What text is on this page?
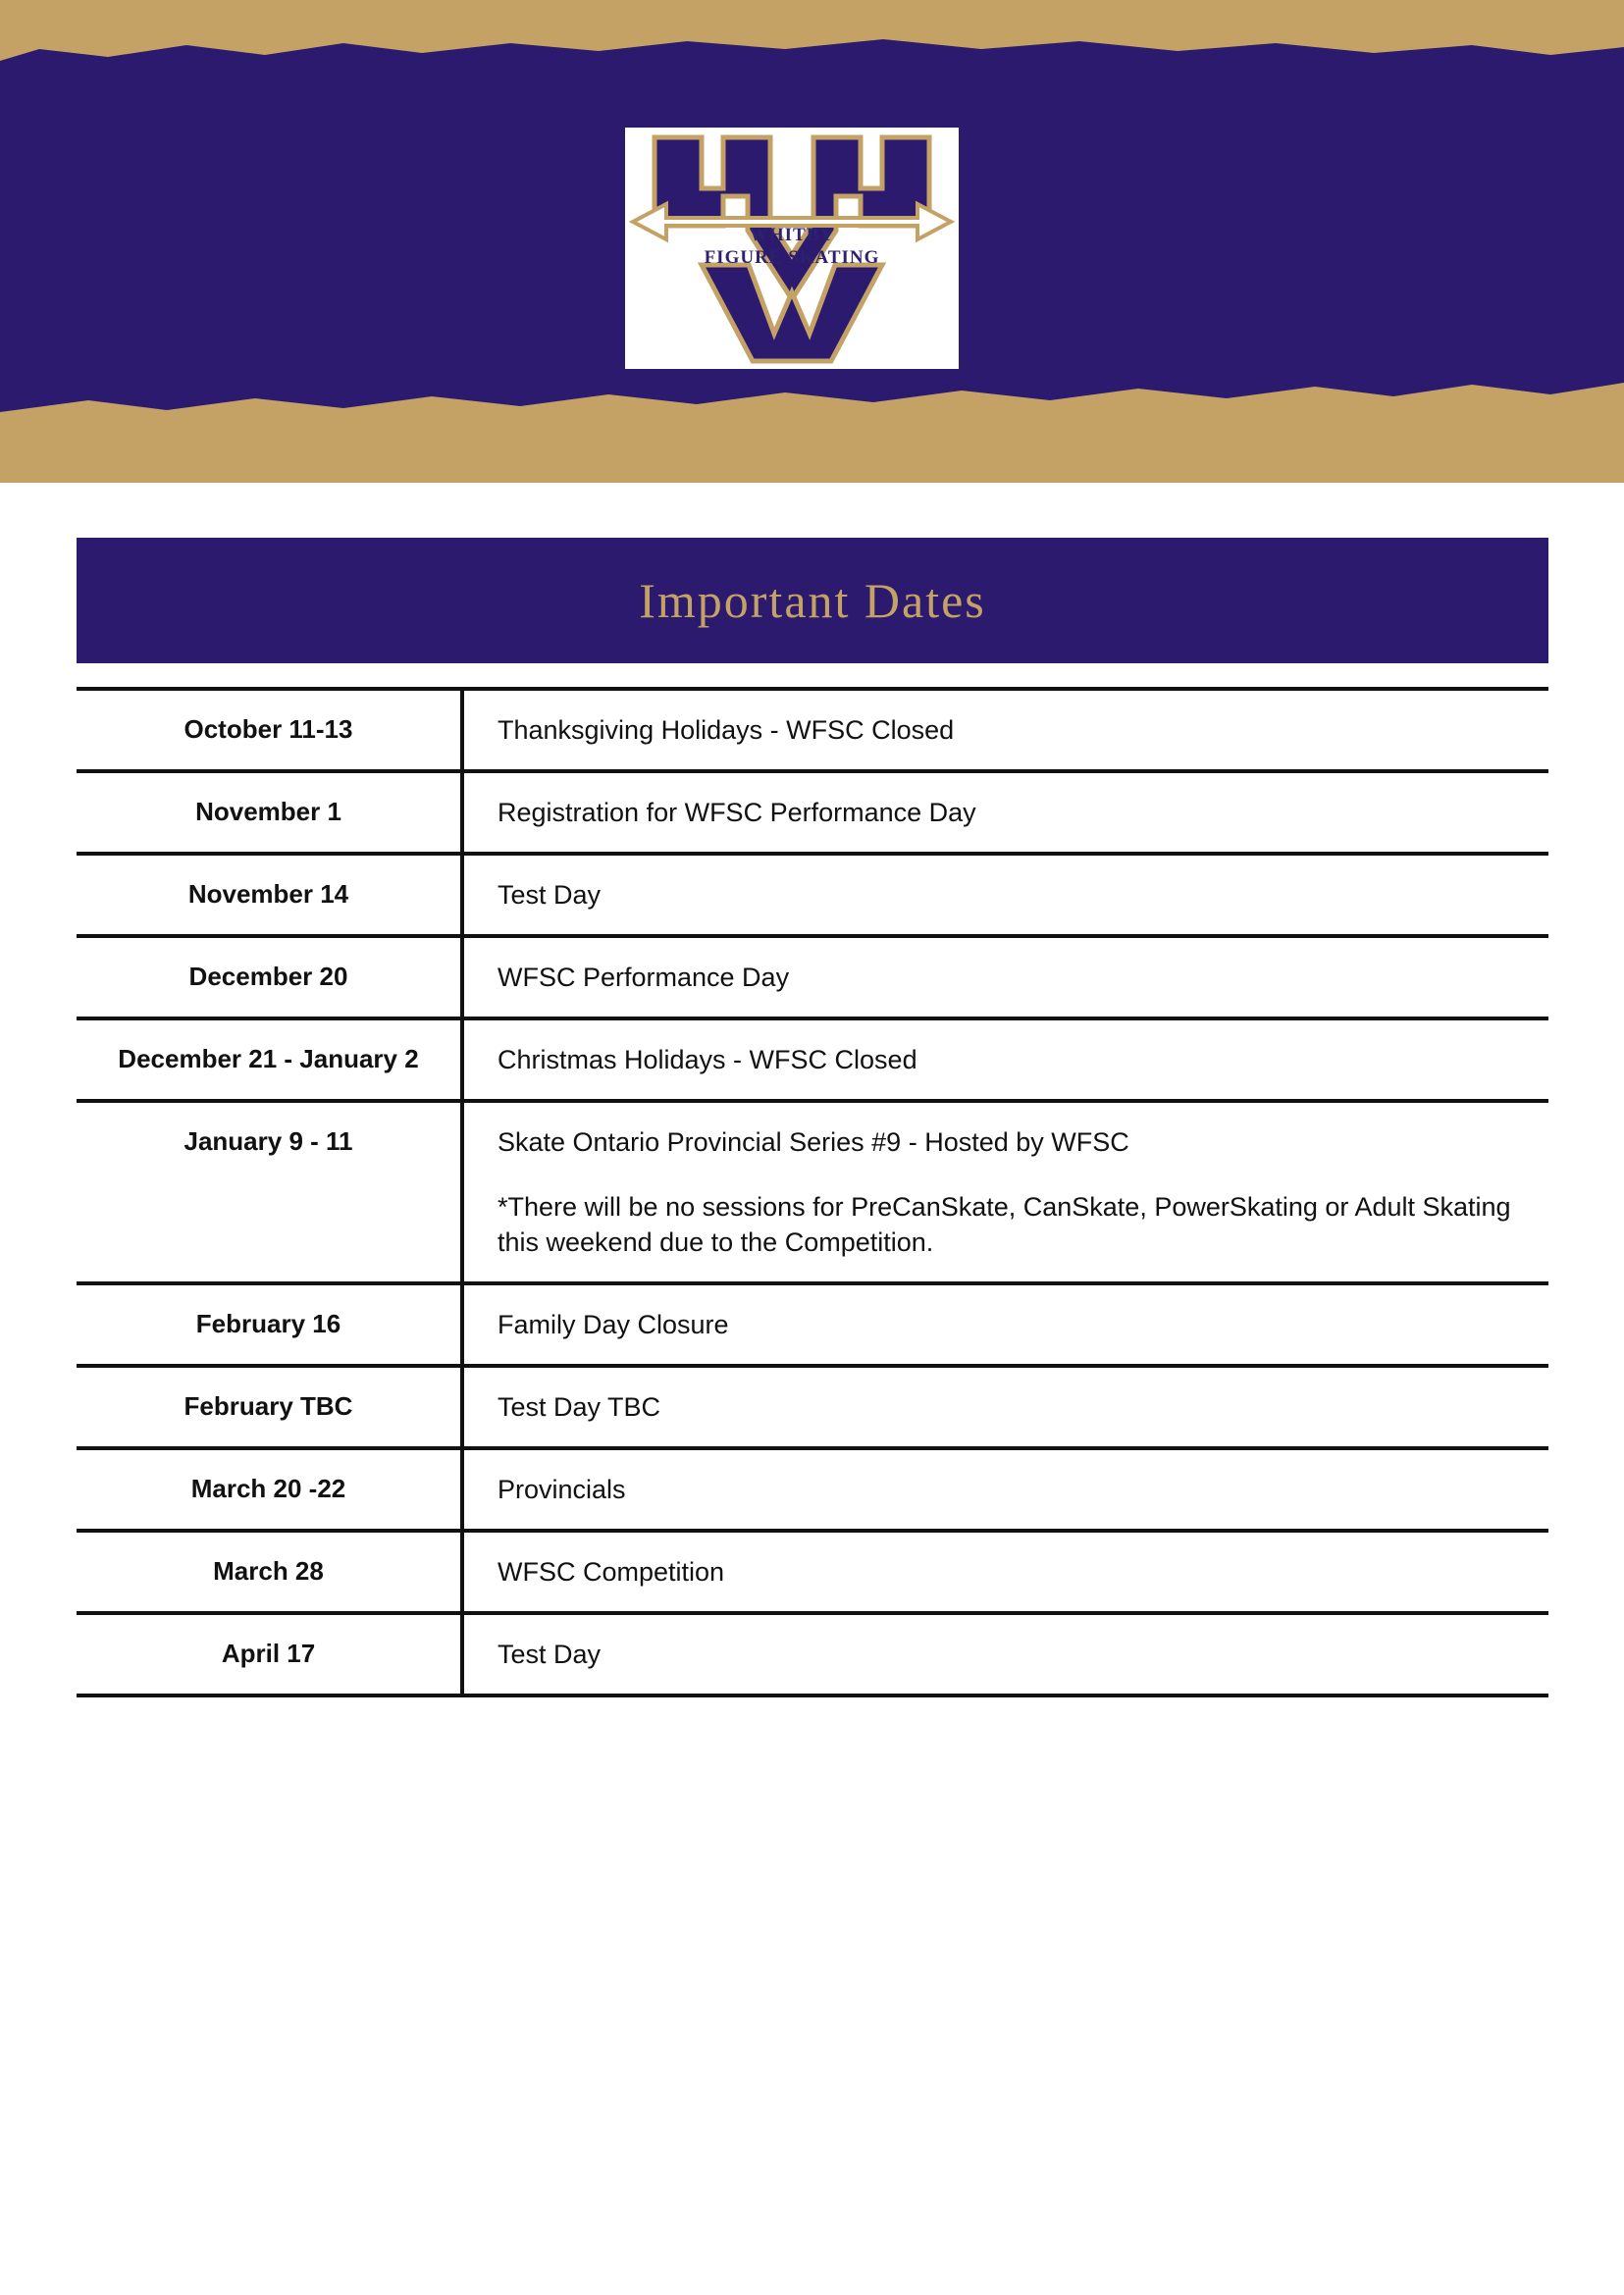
WHITBY
FIGURE SKATING
Important Dates
October 11-13	Thanksgiving Holidays - WFSC Closed

November 1	Registration for WFSC Performance Day

November 14	Test Day

December 20	WFSC Performance Day

December 21 - January 2	Christmas Holidays - WFSC Closed

January 9 - 11	Skate Ontario Provincial Series #9 - Hosted by WFSC
*There will be no sessions for PreCanSkate, CanSkate, PowerSkating or Adult Skating this weekend due to the Competition.

February 16	Family Day Closure

February TBC	Test Day TBC

March 20 -22	Provincials

March 28	WFSC Competition

April 17	Test Day
